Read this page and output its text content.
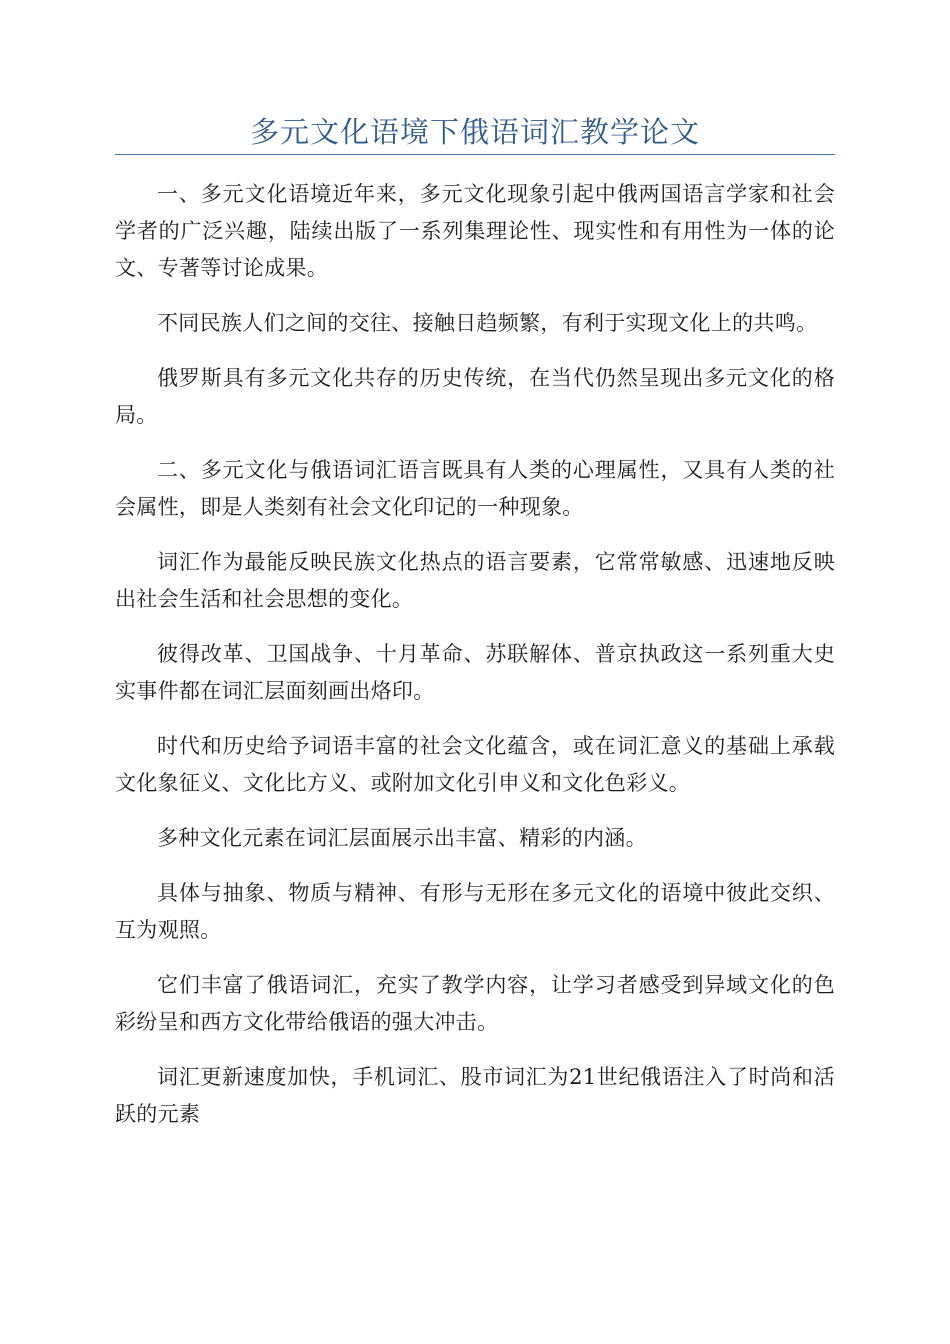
多元文化语境下俄语词汇教学论文

一、多元文化语境近年来，多元文化现象引起中俄两国语言学家和社会学者的广泛兴趣，陆续出版了一系列集理论性、现实性和有用性为一体的论文、专著等讨论成果。

不同民族人们之间的交往、接触日趋频繁，有利于实现文化上的共鸣。

俄罗斯具有多元文化共存的历史传统，在当代仍然呈现出多元文化的格局。

二、多元文化与俄语词汇语言既具有人类的心理属性，又具有人类的社会属性，即是人类刻有社会文化印记的一种现象。

词汇作为最能反映民族文化热点的语言要素，它常常敏感、迅速地反映出社会生活和社会思想的变化。

彼得改革、卫国战争、十月革命、苏联解体、普京执政这一系列重大史实事件都在词汇层面刻画出烙印。

时代和历史给予词语丰富的社会文化蕴含，或在词汇意义的基础上承载文化象征义、文化比方义、或附加文化引申义和文化色彩义。

多种文化元素在词汇层面展示出丰富、精彩的内涵。

具体与抽象、物质与精神、有形与无形在多元文化的语境中彼此交织、互为观照。

它们丰富了俄语词汇，充实了教学内容，让学习者感受到异域文化的色彩纷呈和西方文化带给俄语的强大冲击。

词汇更新速度加快，手机词汇、股市词汇为21世纪俄语注入了时尚和活跃的元素
